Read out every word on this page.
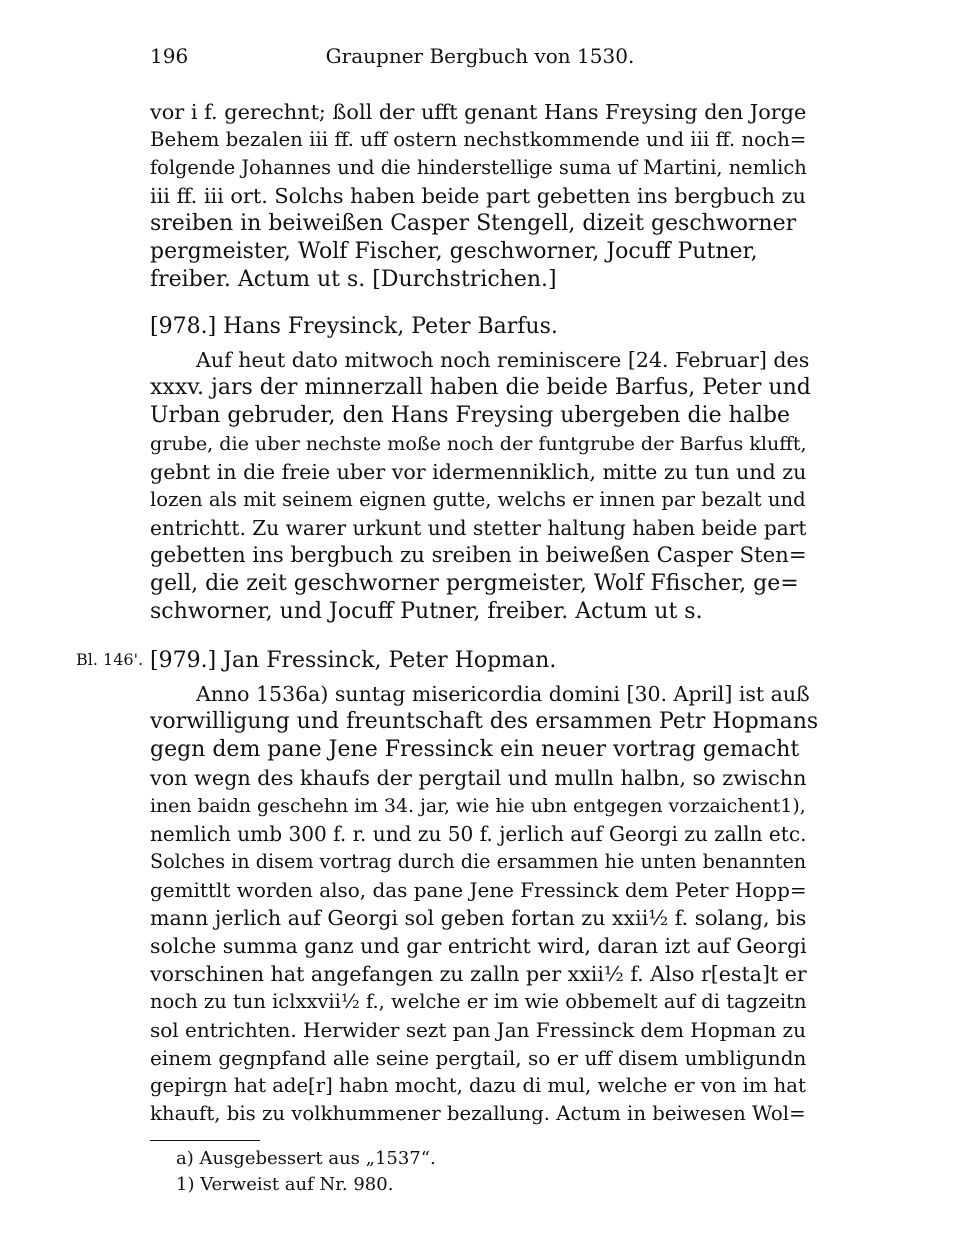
196	Graupner Bergbuch von 1530.
vor i f. gerechnt; ßoll der ufft genant Hans Freysing den Jorge
Behem bezalen iii ff. uff ostern nechstkommende und iii ff. noch=
folgende Johannes und die hinderstellige suma uf Martini, nemlich
iii ff. iii ort. Solchs haben beide part gebetten ins bergbuch zu
sreiben in beiweißen Casper Stengell, dizeit geschworner
pergmeister, Wolf Fischer, geschworner, Jocuff Putner,
freiber. Actum ut s. [Durchstrichen.]
[978.] Hans Freysinck, Peter Barfus.
Auf heut dato mitwoch noch reminiscere [24. Februar] des
xxxv. jars der minnerzall haben die beide Barfus, Peter und
Urban gebruder, den Hans Freysing ubergeben die halbe
grube, die uber nechste moße noch der funtgrube der Barfus klufft,
gebnt in die freie uber vor idermenniklich, mitte zu tun und zu
lozen als mit seinem eignen gutte, welchs er innen par bezalt und
entrichtt. Zu warer urkunt und stetter haltung haben beide part
gebetten ins bergbuch zu sreiben in beiweßen Casper Sten=
gell, die zeit geschworner pergmeister, Wolf Ffischer, ge=
schworner, und Jocuff Putner, freiber. Actum ut s.
Bl. 146'. [979.] Jan Fressinck, Peter Hopman.
Anno 1536a) suntag misericordia domini [30. April] ist auß
vorwilligung und freuntschaft des ersammen Petr Hopmans
gegn dem pane Jene Fressinck ein neuer vortrag gemacht
von wegn des khaufs der pergtail und mulln halbn, so zwischn
inen baidn geschehn im 34. jar, wie hie ubn entgegen vorzaichent1),
nemlich umb 300 f. r. und zu 50 f. jerlich auf Georgi zu zalln etc.
Solches in disem vortrag durch die ersammen hie unten benannten
gemittlt worden also, das pane Jene Fressinck dem Peter Hopp=
mann jerlich auf Georgi sol geben fortan zu xxii½ f. solang, bis
solche summa ganz und gar entricht wird, daran izt auf Georgi
vorschinen hat angefangen zu zalln per xxii½ f. Also r[esta]t er
noch zu tun iclxxvii½ f., welche er im wie obbemelt auf di tagzeitn
sol entrichten. Herwider sezt pan Jan Fressinck dem Hopman zu
einem gegnpfand alle seine pergtail, so er uff disem umbligundn
gepirgn hat ade[r] habn mocht, dazu di mul, welche er von im hat
khauft, bis zu volkhummener bezallung. Actum in beiwesen Wol=
a) Ausgebessert aus „1537“.
1) Verweist auf Nr. 980.
